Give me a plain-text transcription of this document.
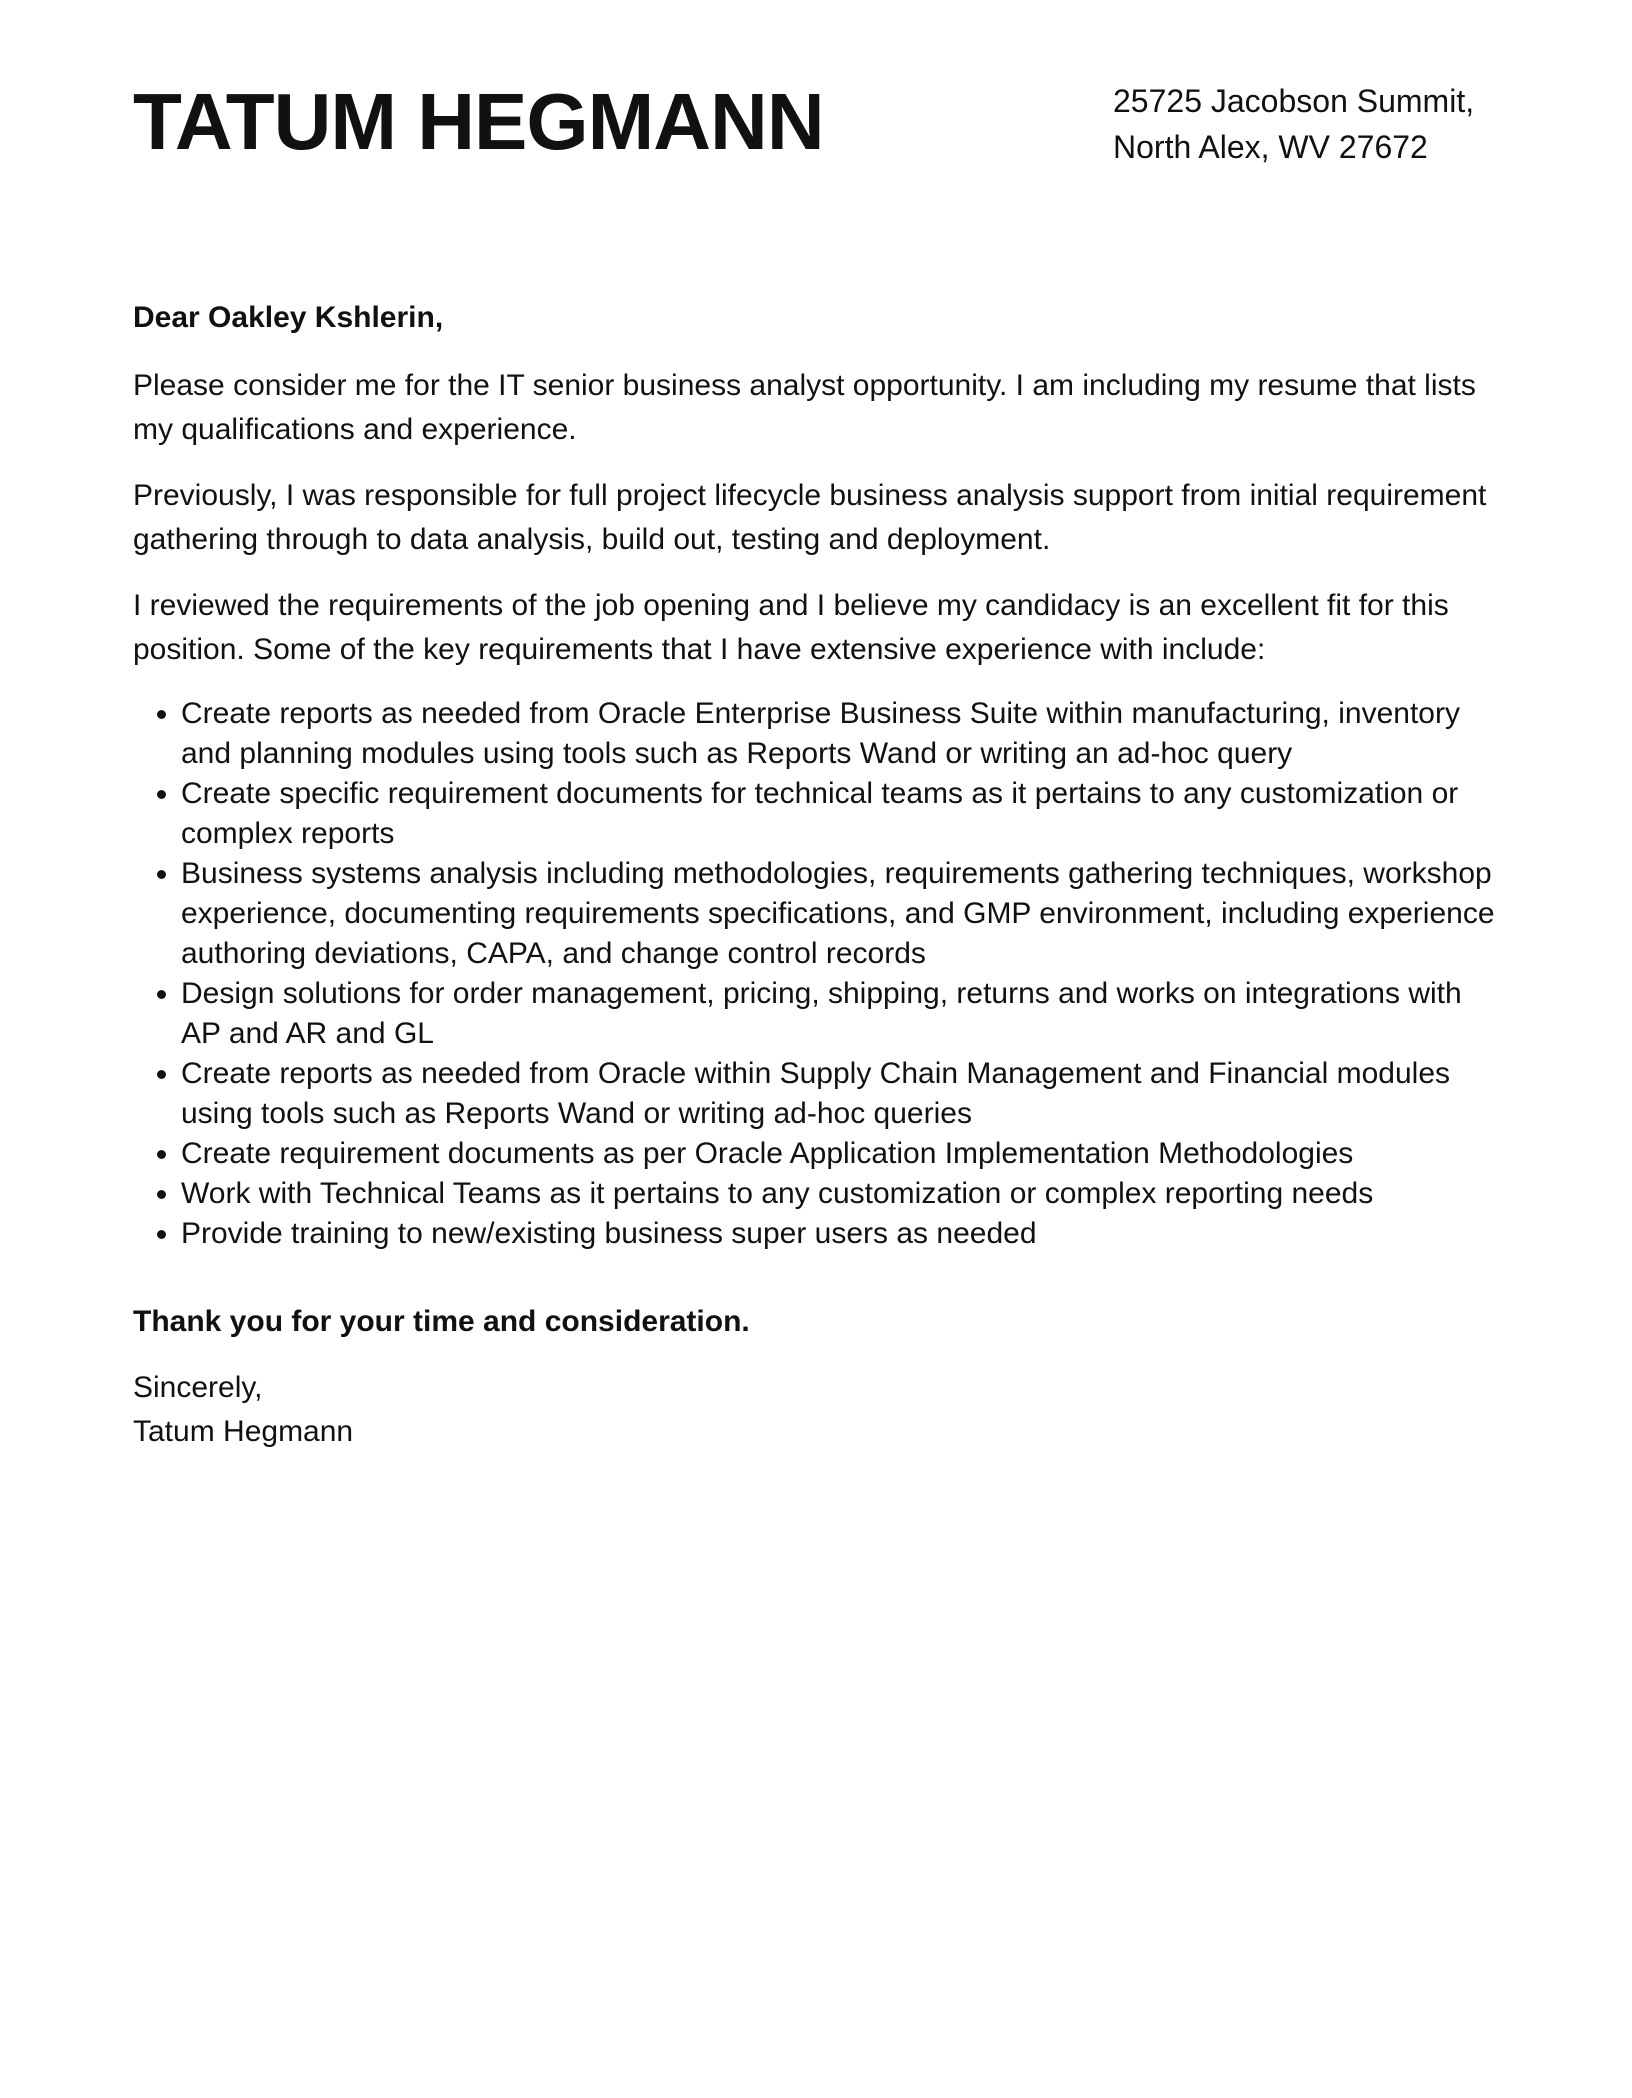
TATUM HEGMANN	25725 Jacobson Summit,
North Alex, WV 27672

Dear Oakley Kshlerin,

Please consider me for the IT senior business analyst opportunity. I am including my resume that lists my qualifications and experience.

Previously, I was responsible for full project lifecycle business analysis support from initial requirement gathering through to data analysis, build out, testing and deployment.

I reviewed the requirements of the job opening and I believe my candidacy is an excellent fit for this position. Some of the key requirements that I have extensive experience with include:

• Create reports as needed from Oracle Enterprise Business Suite within manufacturing, inventory and planning modules using tools such as Reports Wand or writing an ad-hoc query
• Create specific requirement documents for technical teams as it pertains to any customization or complex reports
• Business systems analysis including methodologies, requirements gathering techniques, workshop experience, documenting requirements specifications, and GMP environment, including experience authoring deviations, CAPA, and change control records
• Design solutions for order management, pricing, shipping, returns and works on integrations with AP and AR and GL
• Create reports as needed from Oracle within Supply Chain Management and Financial modules using tools such as Reports Wand or writing ad-hoc queries
• Create requirement documents as per Oracle Application Implementation Methodologies
• Work with Technical Teams as it pertains to any customization or complex reporting needs
• Provide training to new/existing business super users as needed

Thank you for your time and consideration.

Sincerely,
Tatum Hegmann
